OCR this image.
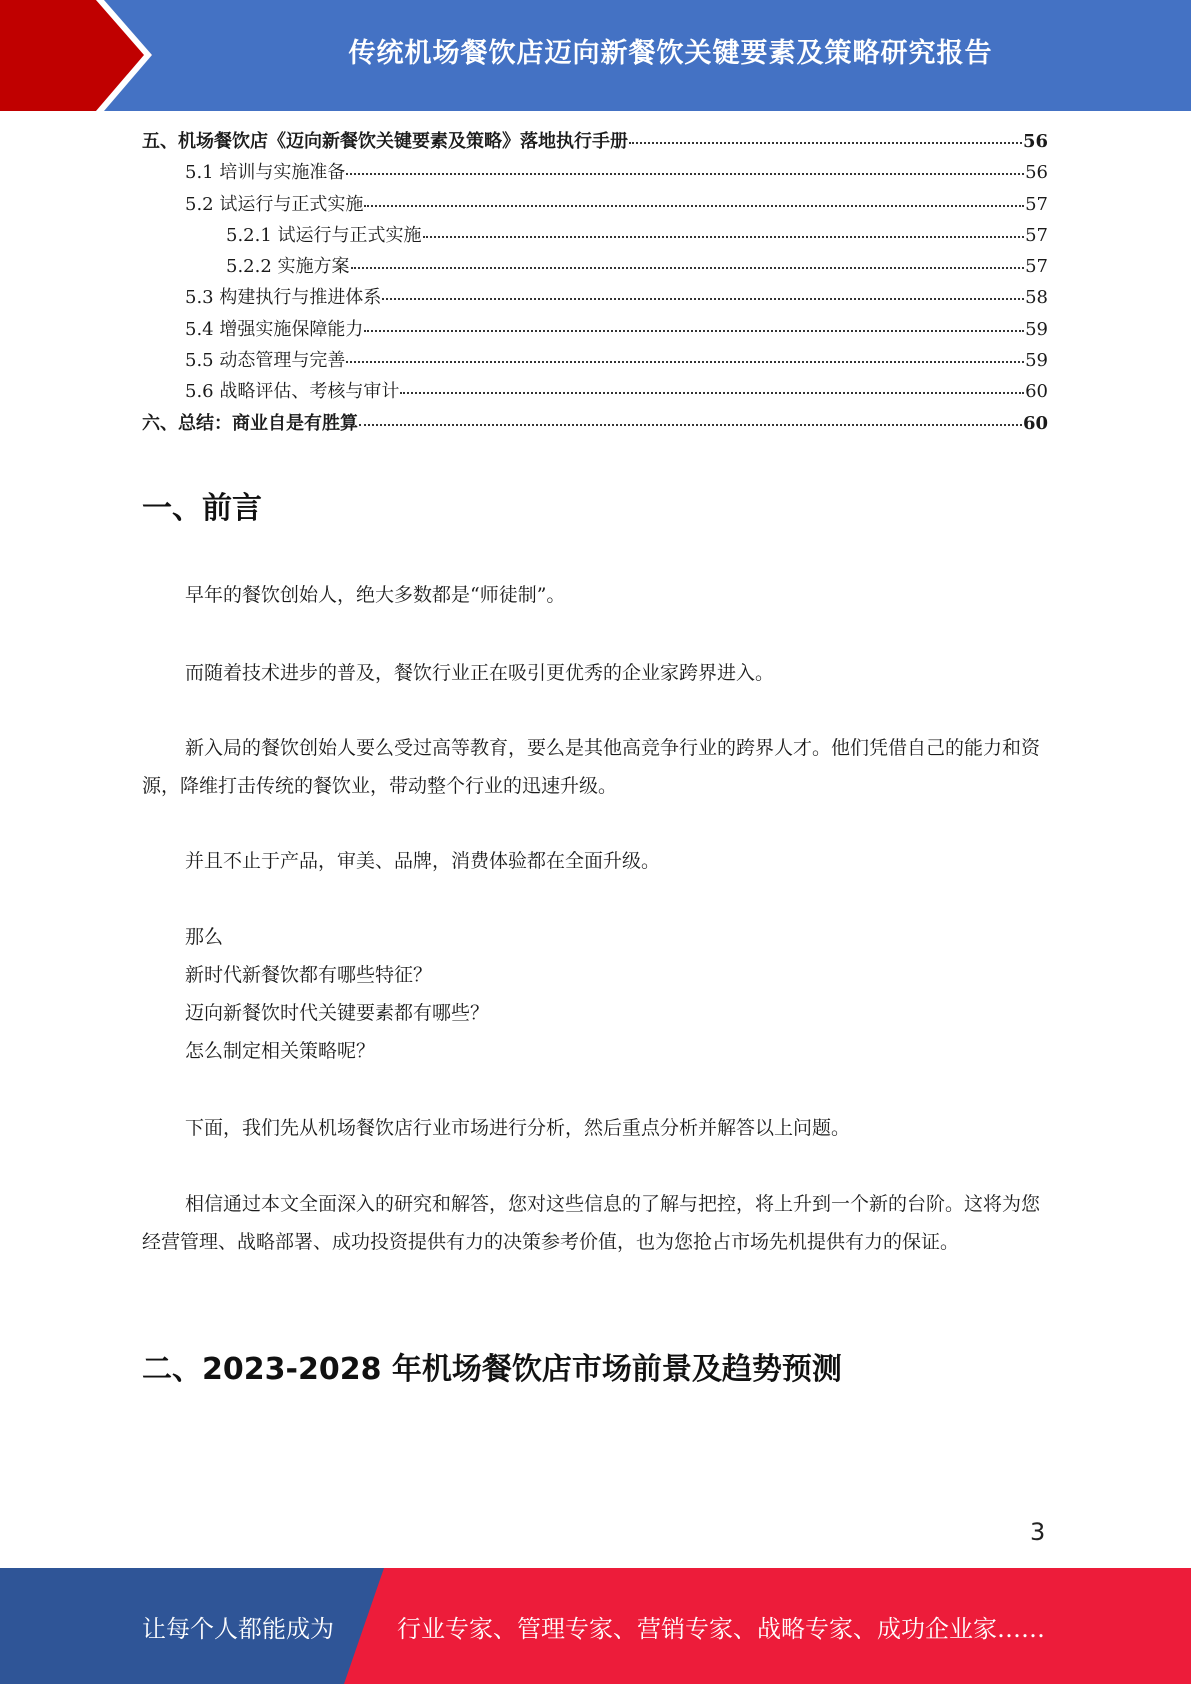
传统机场餐饮店迈向新餐饮关键要素及策略研究报告
五、机场餐饮店《迈向新餐饮关键要素及策略》落地执行手册	56
5.1 培训与实施准备	56
5.2 试运行与正式实施	57
5.2.1 试运行与正式实施	57
5.2.2 实施方案	57
5.3 构建执行与推进体系	58
5.4 增强实施保障能力	59
5.5 动态管理与完善	59
5.6 战略评估、考核与审计	60
六、总结：商业自是有胜算	60
一、前言
早年的餐饮创始人，绝大多数都是“师徒制”。
而随着技术进步的普及，餐饮行业正在吸引更优秀的企业家跨界进入。
新入局的餐饮创始人要么受过高等教育，要么是其他高竞争行业的跨界人才。他们凭借自己的能力和资源，降维打击传统的餐饮业，带动整个行业的迅速升级。
并且不止于产品，审美、品牌，消费体验都在全面升级。
那么
新时代新餐饮都有哪些特征？
迈向新餐饮时代关键要素都有哪些？
怎么制定相关策略呢？
下面，我们先从机场餐饮店行业市场进行分析，然后重点分析并解答以上问题。
相信通过本文全面深入的研究和解答，您对这些信息的了解与把控，将上升到一个新的台阶。这将为您经营管理、战略部署、成功投资提供有力的决策参考价值，也为您抢占市场先机提供有力的保证。
二、2023-2028 年机场餐饮店市场前景及趋势预测
3
让每个人都能成为	行业专家、管理专家、营销专家、战略专家、成功企业家……
